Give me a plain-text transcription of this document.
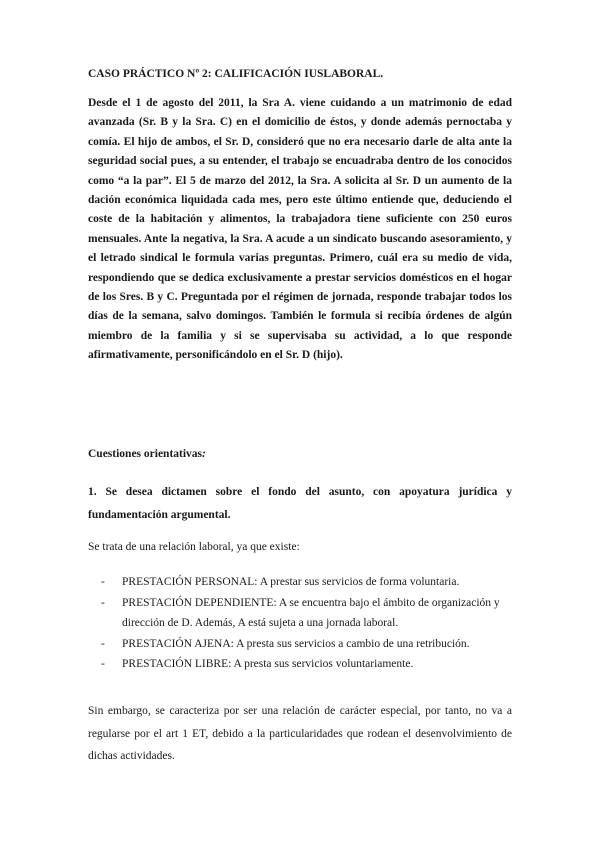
CASO PRÁCTICO Nº 2: CALIFICACIÓN IUSLABORAL.

Desde el 1 de agosto del 2011, la Sra A. viene cuidando a un matrimonio de edad avanzada (Sr. B y la Sra. C) en el domicilio de éstos, y donde además pernoctaba y comía. El hijo de ambos, el Sr. D, consideró que no era necesario darle de alta ante la seguridad social pues, a su entender, el trabajo se encuadraba dentro de los conocidos como “a la par”. El 5 de marzo del 2012, la Sra. A solicita al Sr. D un aumento de la dación económica liquidada cada mes, pero este último entiende que, deduciendo el coste de la habitación y alimentos, la trabajadora tiene suficiente con 250 euros mensuales. Ante la negativa, la Sra. A acude a un sindicato buscando asesoramiento, y el letrado sindical le formula varias preguntas. Primero, cuál era su medio de vida, respondiendo que se dedica exclusivamente a prestar servicios domésticos en el hogar de los Sres. B y C. Preguntada por el régimen de jornada, responde trabajar todos los días de la semana, salvo domingos. También le formula si recibía órdenes de algún miembro de la familia y si se supervisaba su actividad, a lo que responde afirmativamente, personificándolo en el Sr. D (hijo).

Cuestiones orientativas:

1. Se desea dictamen sobre el fondo del asunto, con apoyatura jurídica y fundamentación argumental.

Se trata de una relación laboral, ya que existe:

- PRESTACIÓN PERSONAL: A prestar sus servicios de forma voluntaria.
- PRESTACIÓN DEPENDIENTE: A se encuentra bajo el ámbito de organización y dirección de D. Además, A está sujeta a una jornada laboral.
- PRESTACIÓN AJENA: A presta sus servicios a cambio de una retribución.
- PRESTACIÓN LIBRE: A presta sus servicios voluntariamente.

Sin embargo, se caracteriza por ser una relación de carácter especial, por tanto, no va a regularse por el art 1 ET, debido a la particularidades que rodean el desenvolvimiento de dichas actividades.
